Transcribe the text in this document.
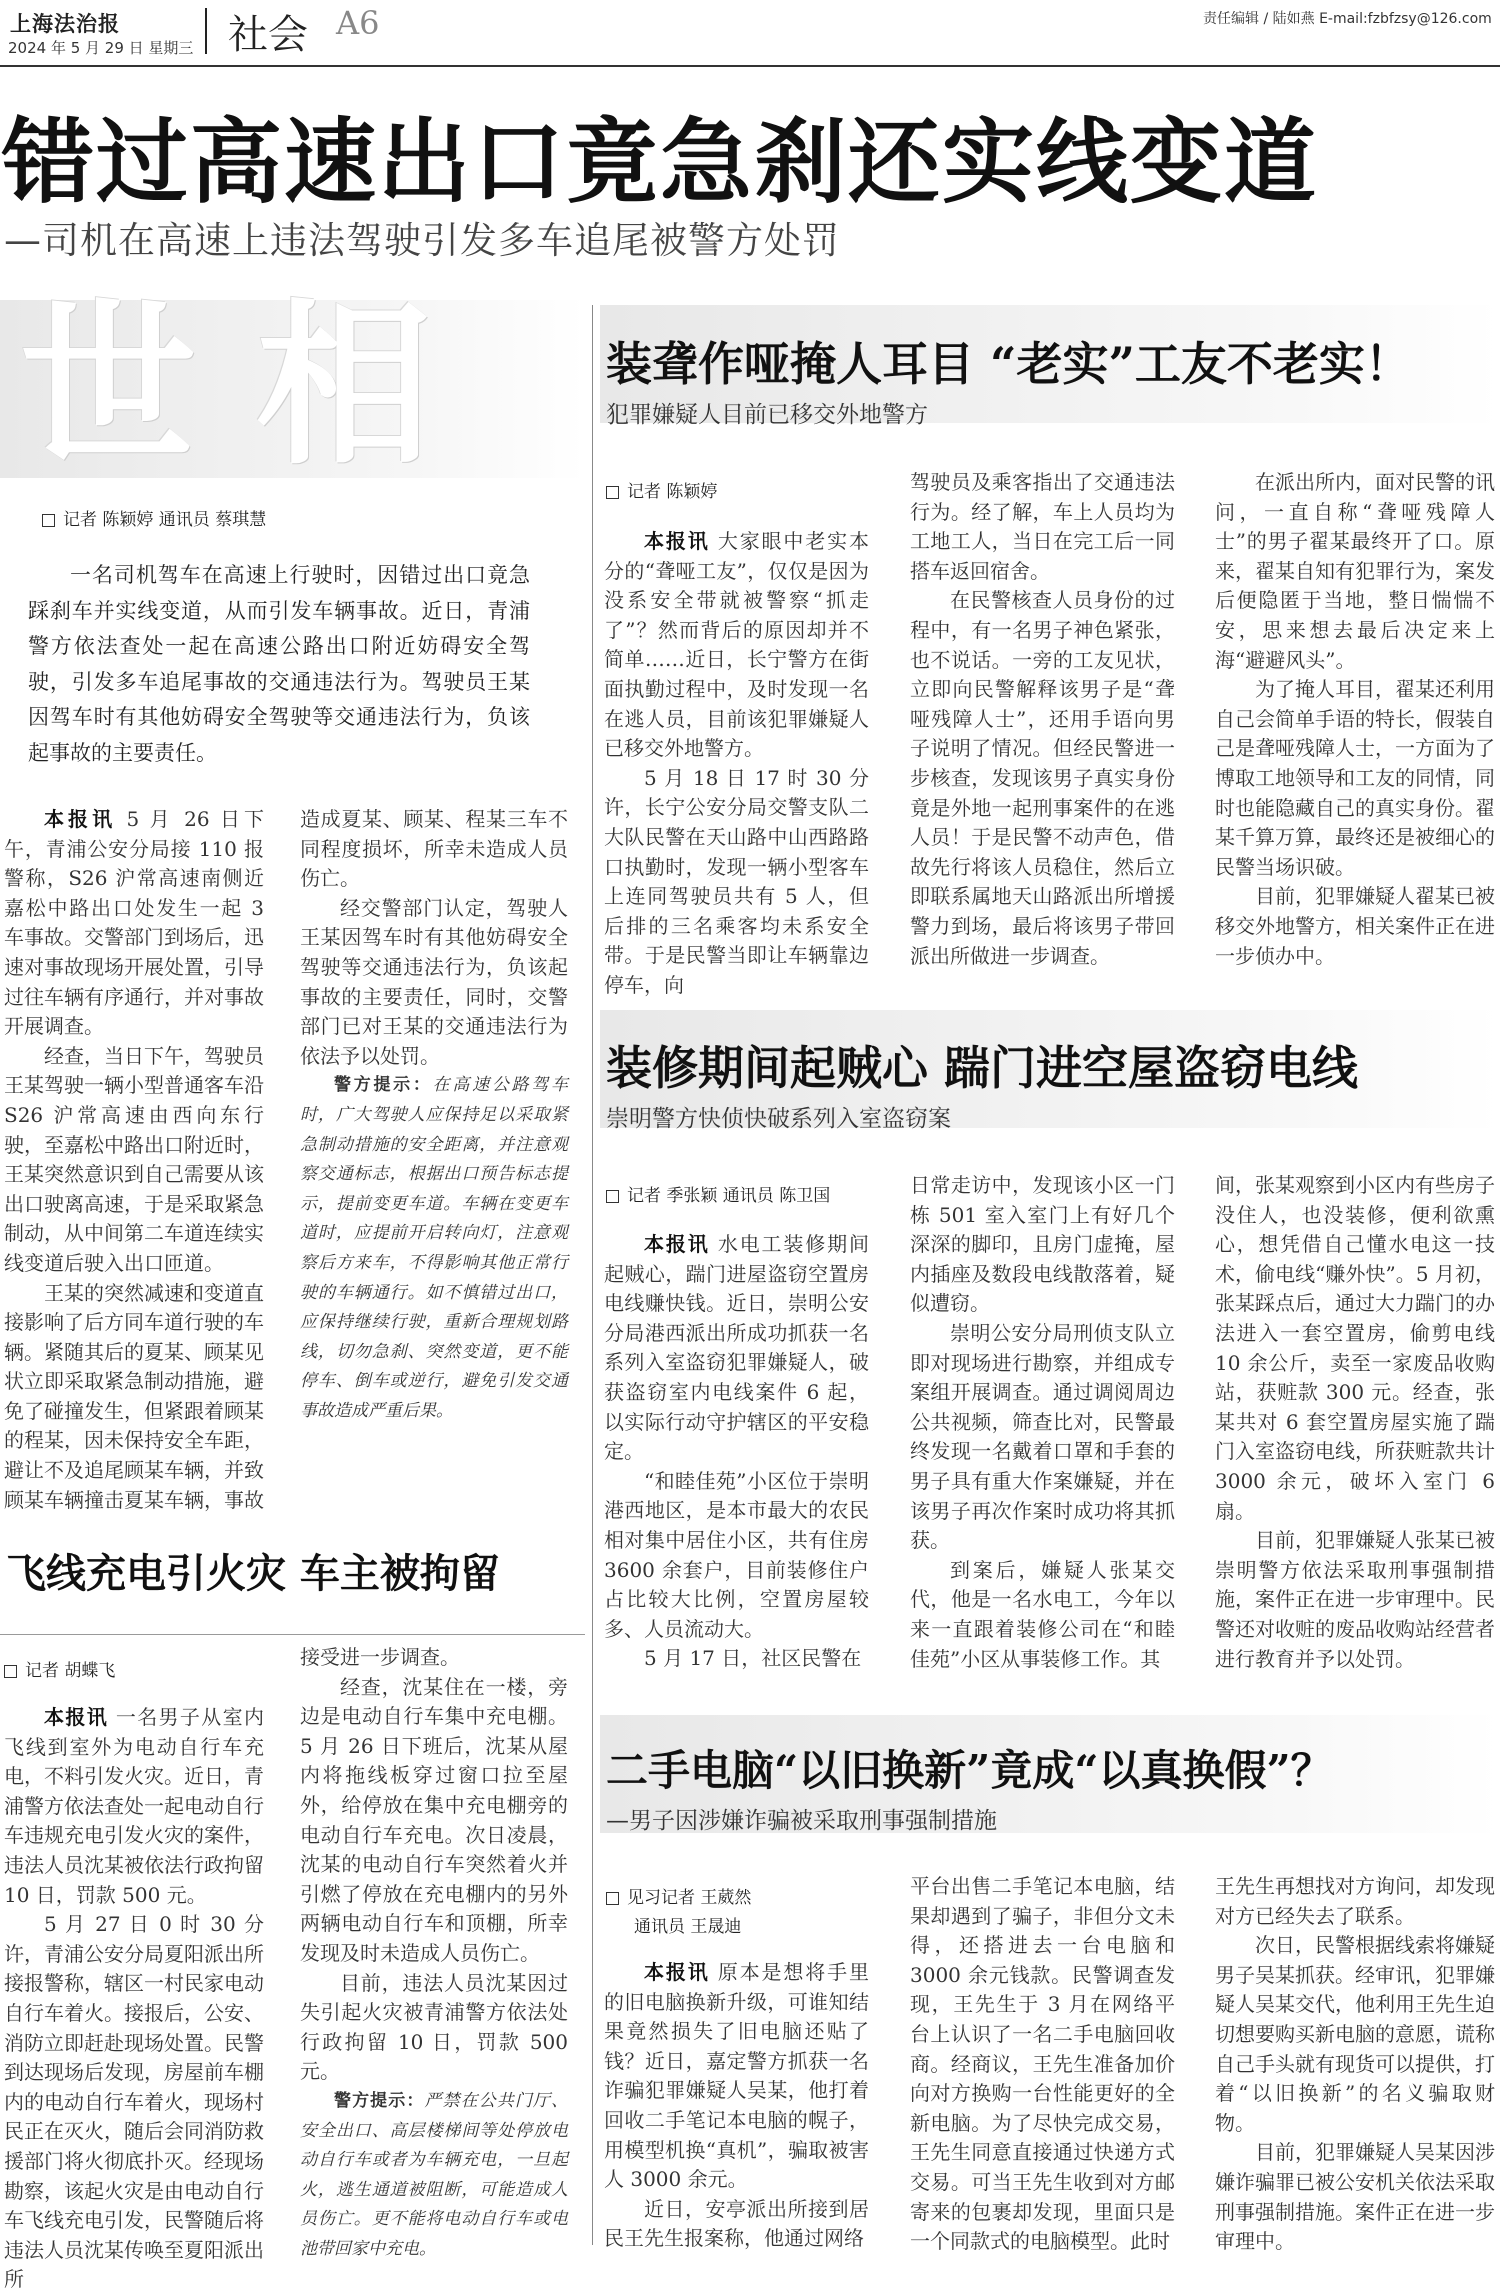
上海法治报
2024 年 5 月 29 日 星期三 社会 A6	责任编辑 / 陆如燕 E-mail:fzbfzsy@126.com
错过高速出口竟急刹还实线变道
—司机在高速上违法驾驶引发多车追尾被警方处罚
世相
记者 陈颖婷 通讯员 蔡琪慧
一名司机驾车在高速上行驶时，因错过出口竟急踩刹车并实线变道，从而引发车辆事故。近日，青浦警方依法查处一起在高速公路出口附近妨碍安全驾驶，引发多车追尾事故的交通违法行为。驾驶员王某因驾车时有其他妨碍安全驾驶等交通违法行为，负该起事故的主要责任。

本报讯 5 月 26 日下午，青浦公安分局接 110 报警称，S26 沪常高速南侧近嘉松中路出口处发生一起 3 车事故。交警部门到场后，迅速对事故现场开展处置，引导过往车辆有序通行，并对事故开展调查。

经查，当日下午，驾驶员王某驾驶一辆小型普通客车沿 S26 沪常高速由西向东行驶，至嘉松中路出口附近时，王某突然意识到自己需要从该出口驶离高速，于是采取紧急制动，从中间第二车道连续实线变道后驶入出口匝道。

王某的突然减速和变道直接影响了后方同车道行驶的车辆。紧随其后的夏某、顾某见状立即采取紧急制动措施，避免了碰撞发生，但紧跟着顾某的程某，因未保持安全车距，避让不及追尾顾某车辆，并致顾某车辆撞击夏某车辆，事故

造成夏某、顾某、程某三车不同程度损坏，所幸未造成人员伤亡。

经交警部门认定，驾驶人王某因驾车时有其他妨碍安全驾驶等交通违法行为，负该起事故的主要责任，同时，交警部门已对王某的交通违法行为依法予以处罚。

警方提示：在高速公路驾车时，广大驾驶人应保持足以采取紧急制动措施的安全距离，并注意观察交通标志，根据出口预告标志提示，提前变更车道。车辆在变更车道时，应提前开启转向灯，注意观察后方来车，不得影响其他正常行驶的车辆通行。如不慎错过出口，应保持继续行驶，重新合理规划路线，切勿急刹、突然变道，更不能停车、倒车或逆行，避免引发交通事故造成严重后果。

飞线充电引火灾 车主被拘留
记者 胡蝶飞

本报讯 一名男子从室内飞线到室外为电动自行车充电，不料引发火灾。近日，青浦警方依法查处一起电动自行车违规充电引发火灾的案件，违法人员沈某被依法行政拘留 10 日，罚款 500 元。

5 月 27 日 0 时 30 分许，青浦公安分局夏阳派出所接报警称，辖区一村民家电动自行车着火。接报后，公安、消防立即赶赴现场处置。民警到达现场后发现，房屋前车棚内的电动自行车着火，现场村民正在灭火，随后会同消防救援部门将火彻底扑灭。经现场勘察，该起火灾是由电动自行车飞线充电引发，民警随后将违法人员沈某传唤至夏阳派出所

接受进一步调查。

经查，沈某住在一楼，旁边是电动自行车集中充电棚。5 月 26 日下班后，沈某从屋内将拖线板穿过窗口拉至屋外，给停放在集中充电棚旁的电动自行车充电。次日凌晨，沈某的电动自行车突然着火并引燃了停放在充电棚内的另外两辆电动自行车和顶棚，所幸发现及时未造成人员伤亡。

目前，违法人员沈某因过失引起火灾被青浦警方依法处行政拘留 10 日，罚款 500 元。

警方提示：严禁在公共门厅、安全出口、高层楼梯间等处停放电动自行车或者为车辆充电，一旦起火，逃生通道被阻断，可能造成人员伤亡。更不能将电动自行车或电池带回家中充电。

装聋作哑掩人耳目 “老实”工友不老实！
犯罪嫌疑人目前已移交外地警方
记者 陈颖婷

本报讯 大家眼中老实本分的“聋哑工友”，仅仅是因为没系安全带就被警察“抓走了”？然而背后的原因却并不简单……近日，长宁警方在街面执勤过程中，及时发现一名在逃人员，目前该犯罪嫌疑人已移交外地警方。

5 月 18 日 17 时 30 分许，长宁公安分局交警支队二大队民警在天山路中山西路路口执勤时，发现一辆小型客车上连同驾驶员共有 5 人，但后排的三名乘客均未系安全带。于是民警当即让车辆靠边停车，向

驾驶员及乘客指出了交通违法行为。经了解，车上人员均为工地工人，当日在完工后一同搭车返回宿舍。

在民警核查人员身份的过程中，有一名男子神色紧张，也不说话。一旁的工友见状，立即向民警解释该男子是“聋哑残障人士”，还用手语向男子说明了情况。但经民警进一步核查，发现该男子真实身份竟是外地一起刑事案件的在逃人员！于是民警不动声色，借故先行将该人员稳住，然后立即联系属地天山路派出所增援警力到场，最后将该男子带回派出所做进一步调查。

在派出所内，面对民警的讯问，一直自称“聋哑残障人士”的男子翟某最终开了口。原来，翟某自知有犯罪行为，案发后便隐匿于当地，整日惴惴不安，思来想去最后决定来上海“避避风头”。

为了掩人耳目，翟某还利用自己会简单手语的特长，假装自己是聋哑残障人士，一方面为了博取工地领导和工友的同情，同时也能隐藏自己的真实身份。翟某千算万算，最终还是被细心的民警当场识破。

目前，犯罪嫌疑人翟某已被移交外地警方，相关案件正在进一步侦办中。

装修期间起贼心 踹门进空屋盗窃电线
崇明警方快侦快破系列入室盗窃案
记者 季张颖 通讯员 陈卫国

本报讯 水电工装修期间起贼心，踹门进屋盗窃空置房电线赚快钱。近日，崇明公安分局港西派出所成功抓获一名系列入室盗窃犯罪嫌疑人，破获盗窃室内电线案件 6 起，以实际行动守护辖区的平安稳定。

“和睦佳苑”小区位于崇明港西地区，是本市最大的农民相对集中居住小区，共有住房 3600 余套户，目前装修住户占比较大比例，空置房屋较多、人员流动大。

5 月 17 日，社区民警在

日常走访中，发现该小区一门栋 501 室入室门上有好几个深深的脚印，且房门虚掩，屋内插座及数段电线散落着，疑似遭窃。

崇明公安分局刑侦支队立即对现场进行勘察，并组成专案组开展调查。通过调阅周边公共视频，筛查比对，民警最终发现一名戴着口罩和手套的男子具有重大作案嫌疑，并在该男子再次作案时成功将其抓获。

到案后，嫌疑人张某交代，他是一名水电工，今年以来一直跟着装修公司在“和睦佳苑”小区从事装修工作。其

间，张某观察到小区内有些房子没住人，也没装修，便利欲熏心，想凭借自己懂水电这一技术，偷电线“赚外快”。5 月初，张某踩点后，通过大力踹门的办法进入一套空置房，偷剪电线 10 余公斤，卖至一家废品收购站，获赃款 300 元。经查，张某共对 6 套空置房屋实施了踹门入室盗窃电线，所获赃款共计 3000 余元，破坏入室门 6 扇。

目前，犯罪嫌疑人张某已被崇明警方依法采取刑事强制措施，案件正在进一步审理中。民警还对收赃的废品收购站经营者进行教育并予以处罚。

二手电脑“以旧换新”竟成“以真换假”？
—男子因涉嫌诈骗被采取刑事强制措施
见习记者 王葳然
通讯员 王晟迪

本报讯 原本是想将手里的旧电脑换新升级，可谁知结果竟然损失了旧电脑还贴了钱？近日，嘉定警方抓获一名诈骗犯罪嫌疑人吴某，他打着回收二手笔记本电脑的幌子，用模型机换“真机”，骗取被害人 3000 余元。

近日，安亭派出所接到居民王先生报案称，他通过网络

平台出售二手笔记本电脑，结果却遇到了骗子，非但分文未得，还搭进去一台电脑和 3000 余元钱款。民警调查发现，王先生于 3 月在网络平台上认识了一名二手电脑回收商。经商议，王先生准备加价向对方换购一台性能更好的全新电脑。为了尽快完成交易，王先生同意直接通过快递方式交易。可当王先生收到对方邮寄来的包裹却发现，里面只是一个同款式的电脑模型。此时

王先生再想找对方询问，却发现对方已经失去了联系。

次日，民警根据线索将嫌疑男子吴某抓获。经审讯，犯罪嫌疑人吴某交代，他利用王先生迫切想要购买新电脑的意愿，谎称自己手头就有现货可以提供，打着“以旧换新”的名义骗取财物。

目前，犯罪嫌疑人吴某因涉嫌诈骗罪已被公安机关依法采取刑事强制措施。案件正在进一步审理中。
